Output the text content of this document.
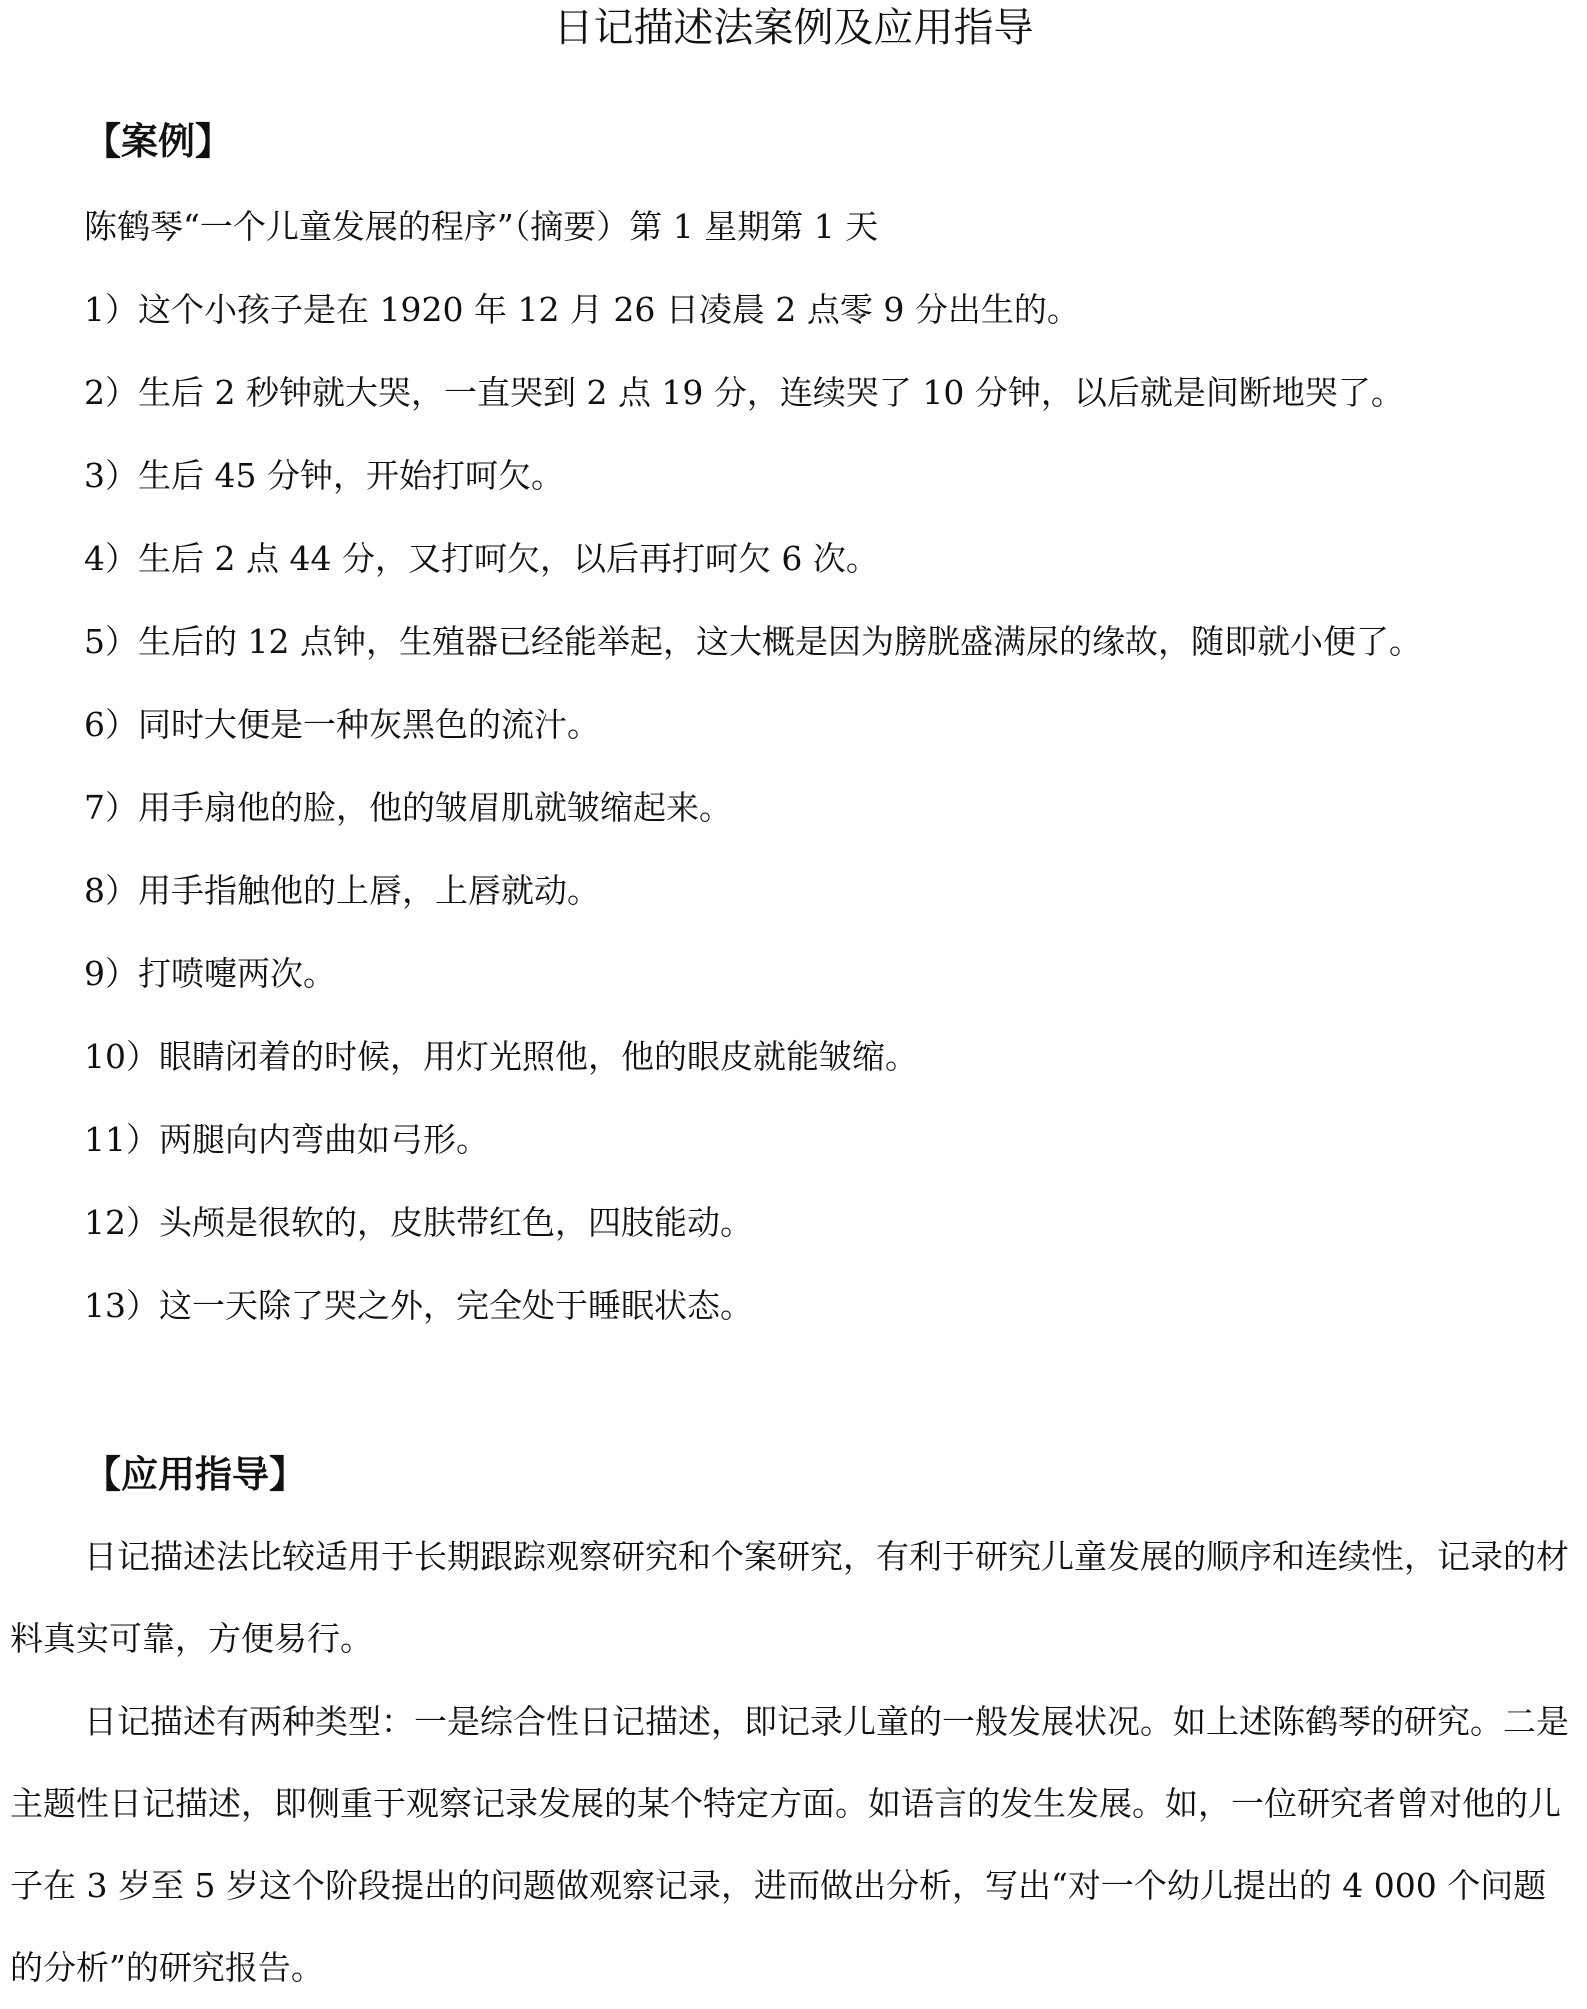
日记描述法案例及应用指导
【案例】
陈鹤琴“一个儿童发展的程序”（摘要）第 1 星期第 1 天
1）这个小孩子是在 1920 年 12 月 26 日凌晨 2 点零 9 分出生的。
2）生后 2 秒钟就大哭，一直哭到 2 点 19 分，连续哭了 10 分钟，以后就是间断地哭了。
3）生后 45 分钟，开始打呵欠。
4）生后 2 点 44 分，又打呵欠，以后再打呵欠 6 次。
5）生后的 12 点钟，生殖器已经能举起，这大概是因为膀胱盛满尿的缘故，随即就小便了。
6）同时大便是一种灰黑色的流汁。
7）用手扇他的脸，他的皱眉肌就皱缩起来。
8）用手指触他的上唇，上唇就动。
9）打喷嚏两次。
10）眼睛闭着的时候，用灯光照他，他的眼皮就能皱缩。
11）两腿向内弯曲如弓形。
12）头颅是很软的，皮肤带红色，四肢能动。
13）这一天除了哭之外，完全处于睡眠状态。
【应用指导】
日记描述法比较适用于长期跟踪观察研究和个案研究，有利于研究儿童发展的顺序和连续性，记录的材料真实可靠，方便易行。
日记描述有两种类型：一是综合性日记描述，即记录儿童的一般发展状况。如上述陈鹤琴的研究。二是主题性日记描述，即侧重于观察记录发展的某个特定方面。如语言的发生发展。如，一位研究者曾对他的儿子在 3 岁至 5 岁这个阶段提出的问题做观察记录，进而做出分析，写出“对一个幼儿提出的 4 000 个问题的分析”的研究报告。
